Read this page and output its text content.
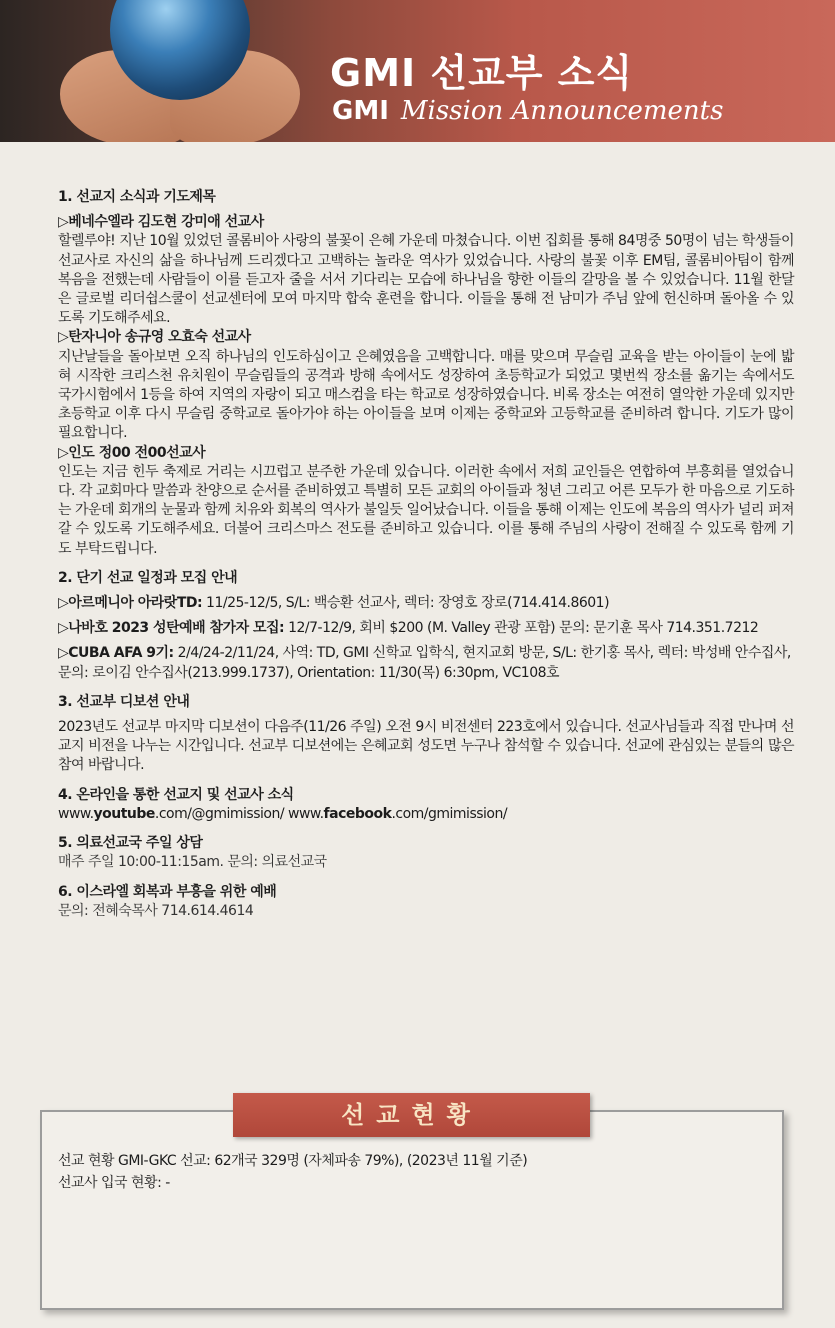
GMI 선교부 소식
GMI Mission Announcements
1. 선교지 소식과 기도제목
▷베네수엘라 김도현 강미애 선교사
할렐루야! 지난 10월 있었던 콜롬비아 사랑의 불꽃이 은혜 가운데 마쳤습니다. 이번 집회를 통해 84명중 50명이 넘는 학생들이 선교사로 자신의 삶을 하나님께 드리겠다고 고백하는 놀라운 역사가 있었습니다. 사랑의 불꽃 이후 EM팀, 콜롬비아팀이 함께 복음을 전했는데 사람들이 이를 듣고자 줄을 서서 기다리는 모습에 하나님을 향한 이들의 갈망을 볼 수 있었습니다. 11월 한달은 글로벌 리더쉽스쿨이 선교센터에 모여 마지막 합숙 훈련을 합니다. 이들을 통해 전 남미가 주님 앞에 헌신하며 돌아올 수 있도록 기도해주세요.
▷탄자니아 송규영 오효숙 선교사
지난날들을 돌아보면 오직 하나님의 인도하심이고 은혜였음을 고백합니다. 매를 맞으며 무슬림 교육을 받는 아이들이 눈에 밟혀 시작한 크리스천 유치원이 무슬림들의 공격과 방해 속에서도 성장하여 초등학교가 되었고 몇번씩 장소를 옮기는 속에서도 국가시험에서 1등을 하여 지역의 자랑이 되고 매스컴을 타는 학교로 성장하였습니다. 비록 장소는 여전히 열악한 가운데 있지만 초등학교 이후 다시 무슬림 중학교로 돌아가야 하는 아이들을 보며 이제는 중학교와 고등학교를 준비하려 합니다. 기도가 많이 필요합니다.
▷인도 정00 전00선교사
인도는 지금 힌두 축제로 거리는 시끄럽고 분주한 가운데 있습니다. 이러한 속에서 저희 교인들은 연합하여 부흥회를 열었습니다. 각 교회마다 말씀과 찬양으로 순서를 준비하였고 특별히 모든 교회의 아이들과 청년 그리고 어른 모두가 한 마음으로 기도하는 가운데 회개의 눈물과 함께 치유와 회복의 역사가 불일듯 일어났습니다. 이들을 통해 이제는 인도에 복음의 역사가 널리 퍼져갈 수 있도록 기도해주세요. 더불어 크리스마스 전도를 준비하고 있습니다. 이를 통해 주님의 사랑이 전해질 수 있도록 함께 기도 부탁드립니다.
2. 단기 선교 일정과 모집 안내
▷아르메니아 아라랏TD: 11/25-12/5, S/L: 백승환 선교사, 렉터: 장영호 장로(714.414.8601)
▷나바호 2023 성탄예배 참가자 모집: 12/7-12/9, 회비 $200 (M. Valley 관광 포함) 문의: 문기훈 목사 714.351.7212
▷CUBA AFA 9기: 2/4/24-2/11/24, 사역: TD, GMI 신학교 입학식, 현지교회 방문, S/L: 한기홍 목사, 렉터: 박성배 안수집사, 문의: 로이김 안수집사(213.999.1737), Orientation: 11/30(목) 6:30pm, VC108호
3. 선교부 디보션 안내
2023년도 선교부 마지막 디보션이 다음주(11/26 주일) 오전 9시 비전센터 223호에서 있습니다. 선교사님들과 직접 만나며 선교지 비전을 나누는 시간입니다. 선교부 디보션에는 은혜교회 성도면 누구나 참석할 수 있습니다. 선교에 관심있는 분들의 많은 참여 바랍니다.
4. 온라인을 통한 선교지 및 선교사 소식
www.youtube.com/@gmimission/ www.facebook.com/gmimission/
5. 의료선교국 주일 상담
매주 주일 10:00-11:15am. 문의: 의료선교국
6. 이스라엘 회복과 부흥을 위한 예배
문의: 전혜숙목사 714.614.4614
선교현황
선교 현황 GMI-GKC 선교: 62개국 329명 (자체파송 79%), (2023년 11월 기준)
선교사 입국 현황: -
